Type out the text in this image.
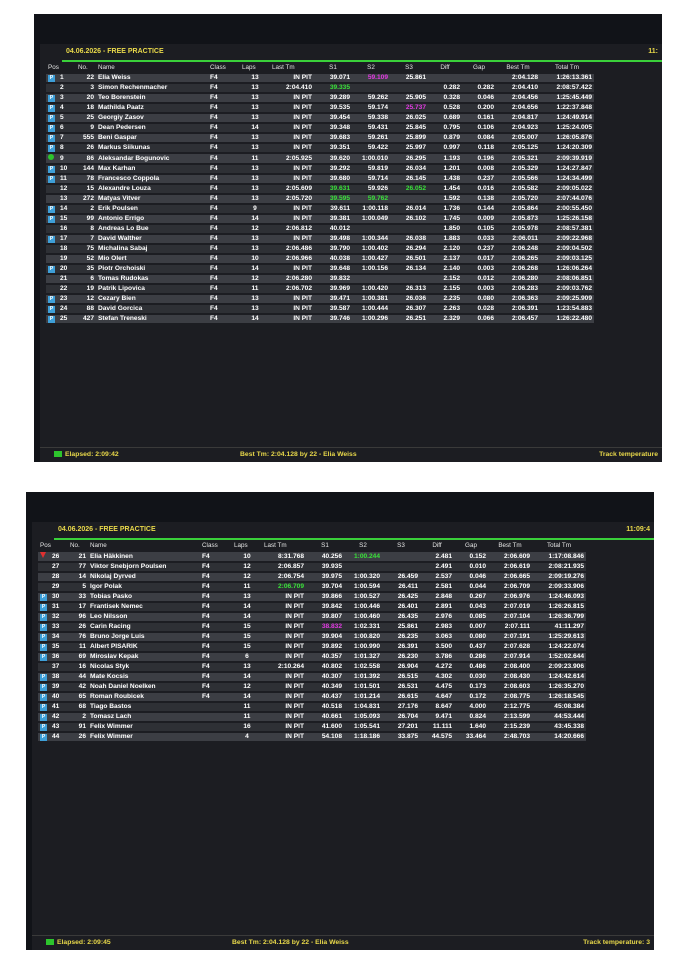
04.06.2026 - FREE PRACTICE	11:
Pos		No.	Name	Class	Laps	Last Tm	S1	S2	S3	Diff	Gap	Best Tm	Total Tm
P	1	22	Elia Weiss	F4	13	IN PIT	39.071	59.109	25.861			2:04.128	1:26:13.361
	2	3	Simon Rechenmacher	F4	13	2:04.410	39.335			0.282	0.282	2:04.410	2:08:57.422
P	3	20	Teo Borenstein	F4	13	IN PIT	39.289	59.262	25.905	0.328	0.046	2:04.456	1:25:45.449
P	4	18	Mathilda Paatz	F4	13	IN PIT	39.535	59.174	25.737	0.528	0.200	2:04.656	1:22:37.848
P	5	25	Georgiy Zasov	F4	13	IN PIT	39.454	59.338	26.025	0.689	0.161	2:04.817	1:24:49.914
P	6	9	Dean Pedersen	F4	14	IN PIT	39.348	59.431	25.845	0.795	0.106	2:04.923	1:25:24.005
P	7	555	Beni Gaspar	F4	13	IN PIT	39.683	59.261	25.899	0.879	0.084	2:05.007	1:26:05.876
P	8	26	Markus Siikunas	F4	13	IN PIT	39.351	59.422	25.997	0.997	0.118	2:05.125	1:24:20.309
	9	86	Aleksandar Bogunovic	F4	11	2:05.925	39.620	1:00.010	26.295	1.193	0.196	2:05.321	2:09:39.919
P	10	144	Max Karhan	F4	13	IN PIT	39.292	59.819	26.034	1.201	0.008	2:05.329	1:24:27.847
P	11	78	Francesco Coppola	F4	13	IN PIT	39.680	59.714	26.145	1.438	0.237	2:05.566	1:24:34.499
	12	15	Alexandre Louza	F4	13	2:05.609	39.631	59.926	26.052	1.454	0.016	2:05.582	2:09:05.022
	13	272	Matyas Vitver	F4	13	2:05.720	39.595	59.762		1.592	0.138	2:05.720	2:07:44.076
P	14	2	Erik Poulsen	F4	9	IN PIT	39.611	1:00.118	26.014	1.736	0.144	2:05.864	2:00:55.450
P	15	99	Antonio Errigo	F4	14	IN PIT	39.381	1:00.049	26.102	1.745	0.009	2:05.873	1:25:26.158
	16	8	Andreas Lo Bue	F4	12	2:06.812	40.012			1.850	0.105	2:05.978	2:08:57.381
P	17	7	David Walther	F4	13	IN PIT	39.498	1:00.344	26.038	1.883	0.033	2:06.011	2:09:22.968
	18	75	Michalina Sabaj	F4	13	2:06.486	39.790	1:00.402	26.294	2.120	0.237	2:06.248	2:09:04.502
	19	52	Mio Olert	F4	10	2:06.966	40.038	1:00.427	26.501	2.137	0.017	2:06.265	2:09:03.125
P	20	35	Piotr Orchoiski	F4	14	IN PIT	39.648	1:00.156	26.134	2.140	0.003	2:06.268	1:26:06.264
	21	6	Tomas Rudokas	F4	12	2:06.280	39.832			2.152	0.012	2:06.280	2:08:06.851
	22	19	Patrik Lipovica	F4	11	2:06.702	39.969	1:00.420	26.313	2.155	0.003	2:06.283	2:09:03.762
P	23	12	Cezary Bien	F4	13	IN PIT	39.471	1:00.381	26.036	2.235	0.080	2:06.363	2:09:25.909
P	24	88	David Gorcica	F4	13	IN PIT	39.587	1:00.444	26.307	2.263	0.028	2:06.391	1:23:54.883
P	25	427	Stefan Treneski	F4	14	IN PIT	39.746	1:00.296	26.251	2.329	0.066	2:06.457	1:26:22.480
Elapsed: 2:09:42	Best Tm: 2:04.128 by 22 - Elia Weiss	Track temperature
04.06.2026 - FREE PRACTICE	11:09:4
Pos		No.	Name	Class	Laps	Last Tm	S1	S2	S3	Diff	Gap	Best Tm	Total Tm
	26	21	Elia Häkkinen	F4	10	8:31.768	40.256	1:00.244		2.481	0.152	2:06.609	1:17:08.846
	27	77	Viktor Snebjorn Poulsen	F4	12	2:06.857	39.935			2.491	0.010	2:06.619	2:08:21.935
	28	14	Nikolaj Dyrved	F4	12	2:06.754	39.975	1:00.320	26.459	2.537	0.046	2:06.665	2:09:19.276
	29	5	Igor Polak	F4	11	2:06.709	39.704	1:00.594	26.411	2.581	0.044	2:06.709	2:09:33.906
P	30	33	Tobias Pasko	F4	13	IN PIT	39.866	1:00.527	26.425	2.848	0.267	2:06.976	1:24:46.093
P	31	17	Frantisek Nemec	F4	14	IN PIT	39.842	1:00.446	26.401	2.891	0.043	2:07.019	1:26:26.815
P	32	96	Leo Nilsson	F4	14	IN PIT	39.807	1:00.460	26.435	2.976	0.085	2:07.104	1:26:36.799
P	33	26	Carin Racing	F4	15	IN PIT	38.832	1:02.331	25.861	2.983	0.007	2:07.111	41:11.297
P	34	76	Bruno Jorge Luis	F4	15	IN PIT	39.904	1:00.820	26.235	3.063	0.080	2:07.191	1:25:29.613
P	35	11	Albert PISARIK	F4	15	IN PIT	39.892	1:00.990	26.391	3.500	0.437	2:07.628	1:24:22.074
P	36	69	Miroslav Kepak	F4	6	IN PIT	40.357	1:01.327	26.230	3.786	0.286	2:07.914	1:52:02.644
	37	16	Nicolas Styk	F4	13	2:10.264	40.802	1:02.558	26.904	4.272	0.486	2:08.400	2:09:23.906
P	38	44	Mate Kocsis	F4	14	IN PIT	40.307	1:01.392	26.515	4.302	0.030	2:08.430	1:24:42.614
P	39	42	Noah Daniel Noelken	F4	12	IN PIT	40.349	1:01.501	26.531	4.475	0.173	2:08.603	1:26:35.270
P	40	65	Roman Roubicek	F4	14	IN PIT	40.437	1:01.214	26.615	4.647	0.172	2:08.775	1:26:18.545
P	41	68	Tiago Bastos		11	IN PIT	40.518	1:04.831	27.176	8.647	4.000	2:12.775	45:08.384
P	42	2	Tomasz Lach		11	IN PIT	40.661	1:05.093	26.704	9.471	0.824	2:13.599	44:53.444
P	43	91	Felix Wimmer		16	IN PIT	41.600	1:05.541	27.201	11.111	1.640	2:15.239	43:45.338
P	44	26	Felix Wimmer		4	IN PIT	54.108	1:18.186	33.875	44.575	33.464	2:48.703	14:20.666
Elapsed: 2:09:45	Best Tm: 2:04.128 by 22 - Elia Weiss	Track temperature: 3
